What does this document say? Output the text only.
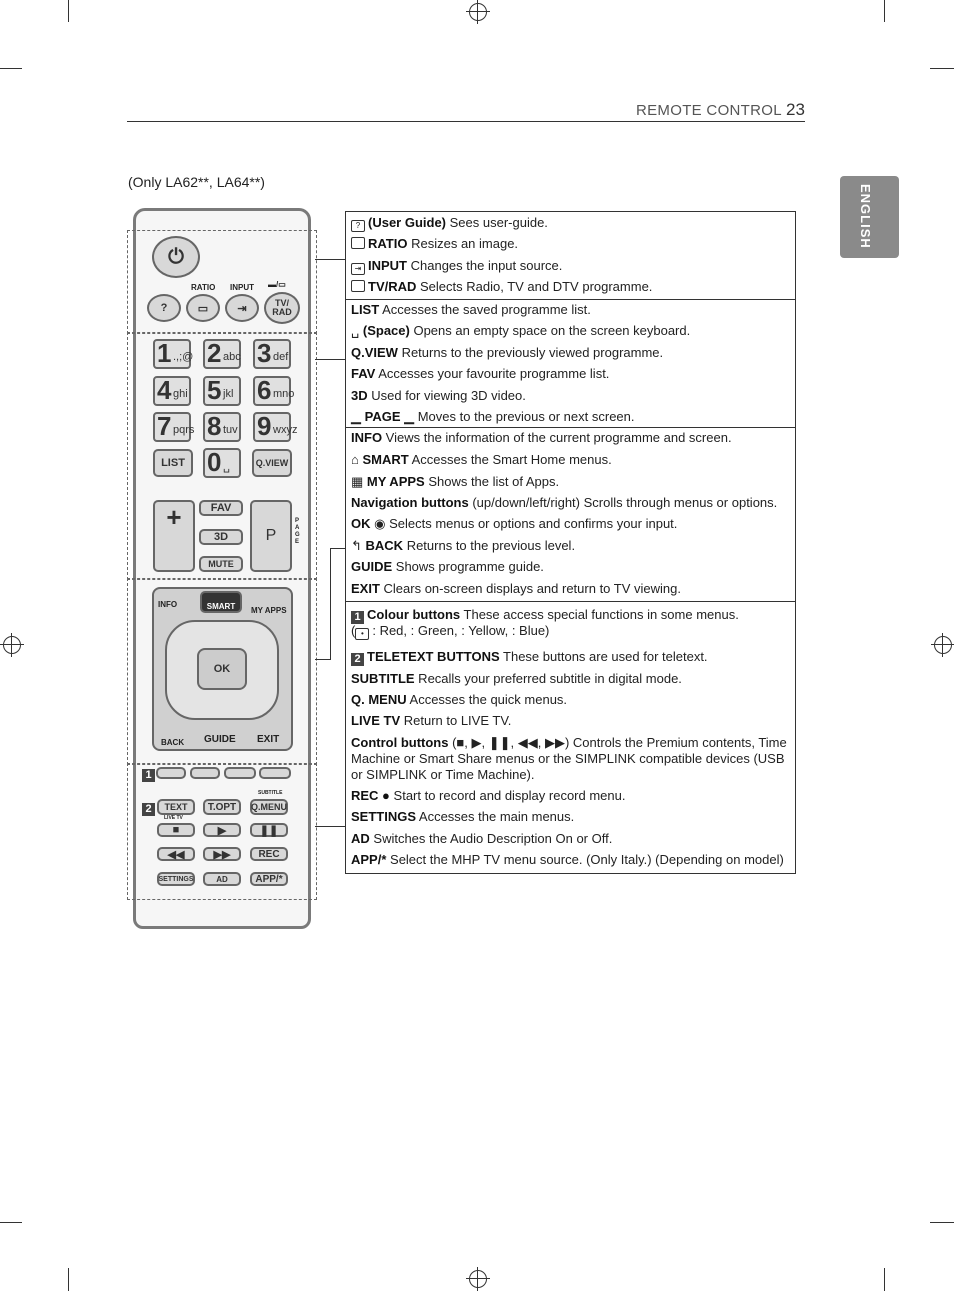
REMOTE CONTROL 23
ENGLISH
(Only LA62**, LA64**)
⏻
RATIO INPUT ▬/▭
?	▭	⇥	TV/ RAD
1 .,;@ 2 abc 3 def
4 ghi 5 jkl 6 mno
7 pqrs 8 tuv 9 wxyz
LIST 0 ␣	Q.VIEW
+	FAV
3D
MUTE
P
PAGE
INFO	SMART	MY APPS
OK
BACK GUIDE EXIT
1
2
SUBTITLE
TEXT
LIVE TV
T.OPT	Q.MENU
■	▶	❚❚
◀◀	▶▶	REC
SETTINGS	AD	APP/*
? (User Guide) Sees user-guide.
RATIO Resizes an image.
⇥ INPUT Changes the input source.
TV/RAD Selects Radio, TV and DTV programme.
LIST Accesses the saved programme list.
␣ (Space) Opens an empty space on the screen keyboard.
Q.VIEW Returns to the previously viewed programme.
FAV Accesses your favourite programme list.
3D Used for viewing 3D video.
▁ PAGE ▁ Moves to the previous or next screen.
INFO Views the information of the current programme and screen.
⌂ SMART Accesses the Smart Home menus.
▦ MY APPS Shows the list of Apps.
Navigation buttons (up/down/left/right) Scrolls through menus or options.
OK ◉ Selects menus or options and confirms your input.
↰ BACK Returns to the previous level.
GUIDE Shows programme guide.
EXIT Clears on-screen displays and return to TV viewing.
1 Colour buttons These access special functions in some menus.
( • : Red, : Green, : Yellow, : Blue)
2 TELETEXT BUTTONS These buttons are used for teletext.
SUBTITLE Recalls your preferred subtitle in digital mode.
Q. MENU Accesses the quick menus.
LIVE TV Return to LIVE TV.
Control buttons (■, ▶, ❚❚, ◀◀, ▶▶) Controls the Premium contents, Time
Machine or Smart Share menus or the SIMPLINK compatible devices (USB
or SIMPLINK or Time Machine).
REC ● Start to record and display record menu.
SETTINGS Accesses the main menus.
AD Switches the Audio Description On or Off.
APP/* Select the MHP TV menu source. (Only Italy.) (Depending on model)
